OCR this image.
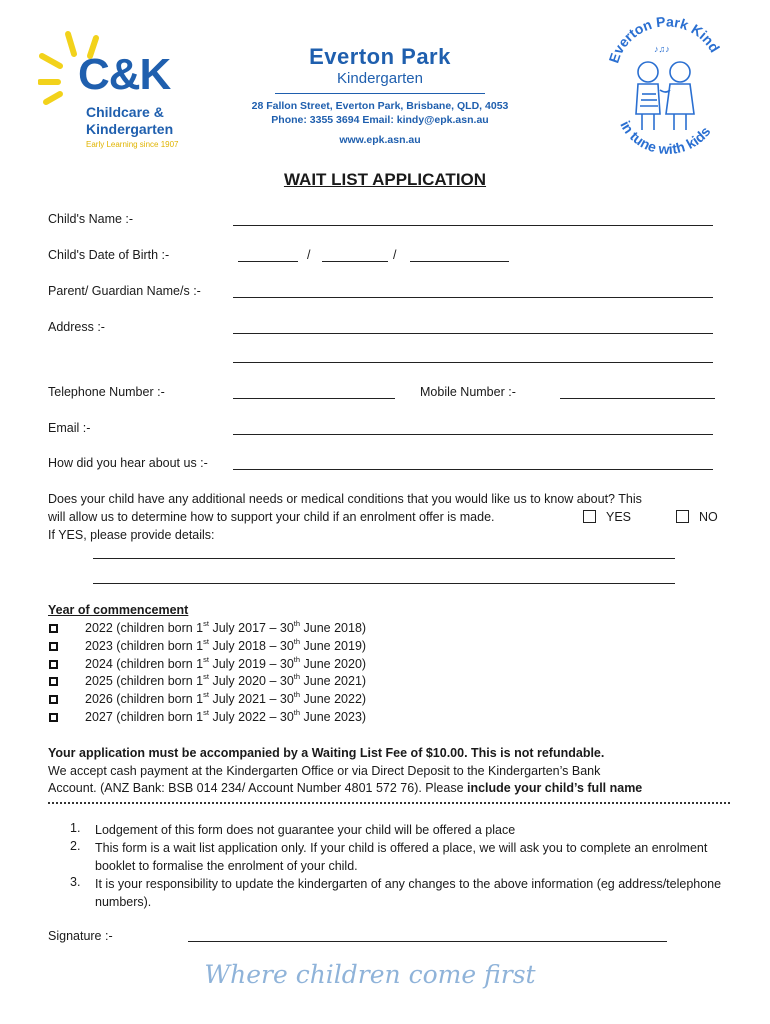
C&K
Childcare &
Kindergarten
Early Learning since 1907
Everton Park
Kindergarten
28 Fallon Street, Everton Park, Brisbane, QLD, 4053
Phone: 3355 3694 Email: kindy@epk.asn.au
www.epk.asn.au
verton Park Kin
in tune with kids
♪♫♪
WAIT LIST APPLICATION
Child's Name :-
Child's Date of Birth :-	/	/
Parent/ Guardian Name/s :-
Address :-
Telephone Number :-	Mobile Number :-
Email :-
How did you hear about us :-
Does your child have any additional needs or medical conditions that you would like us to know about? This
will allow us to determine how to support your child if an enrolment offer is made.	YES	NO
If YES, please provide details:
Year of commencement
2022 (children born 1st July 2017 – 30th June 2018)
2023 (children born 1st July 2018 – 30th June 2019)
2024 (children born 1st July 2019 – 30th June 2020)
2025 (children born 1st July 2020 – 30th June 2021)
2026 (children born 1st July 2021 – 30th June 2022)
2027 (children born 1st July 2022 – 30th June 2023)
Your application must be accompanied by a Waiting List Fee of $10.00. This is not refundable.
We accept cash payment at the Kindergarten Office or via Direct Deposit to the Kindergarten’s Bank
Account. (ANZ Bank: BSB 014 234/ Account Number 4801 572 76). Please include your child’s full name
1. Lodgement of this form does not guarantee your child will be offered a place
2. This form is a wait list application only. If your child is offered a place, we will ask you to complete an enrolment booklet to formalise the enrolment of your child.
3. It is your responsibility to update the kindergarten of any changes to the above information (eg address/telephone numbers).
Signature :-
Where children come first
